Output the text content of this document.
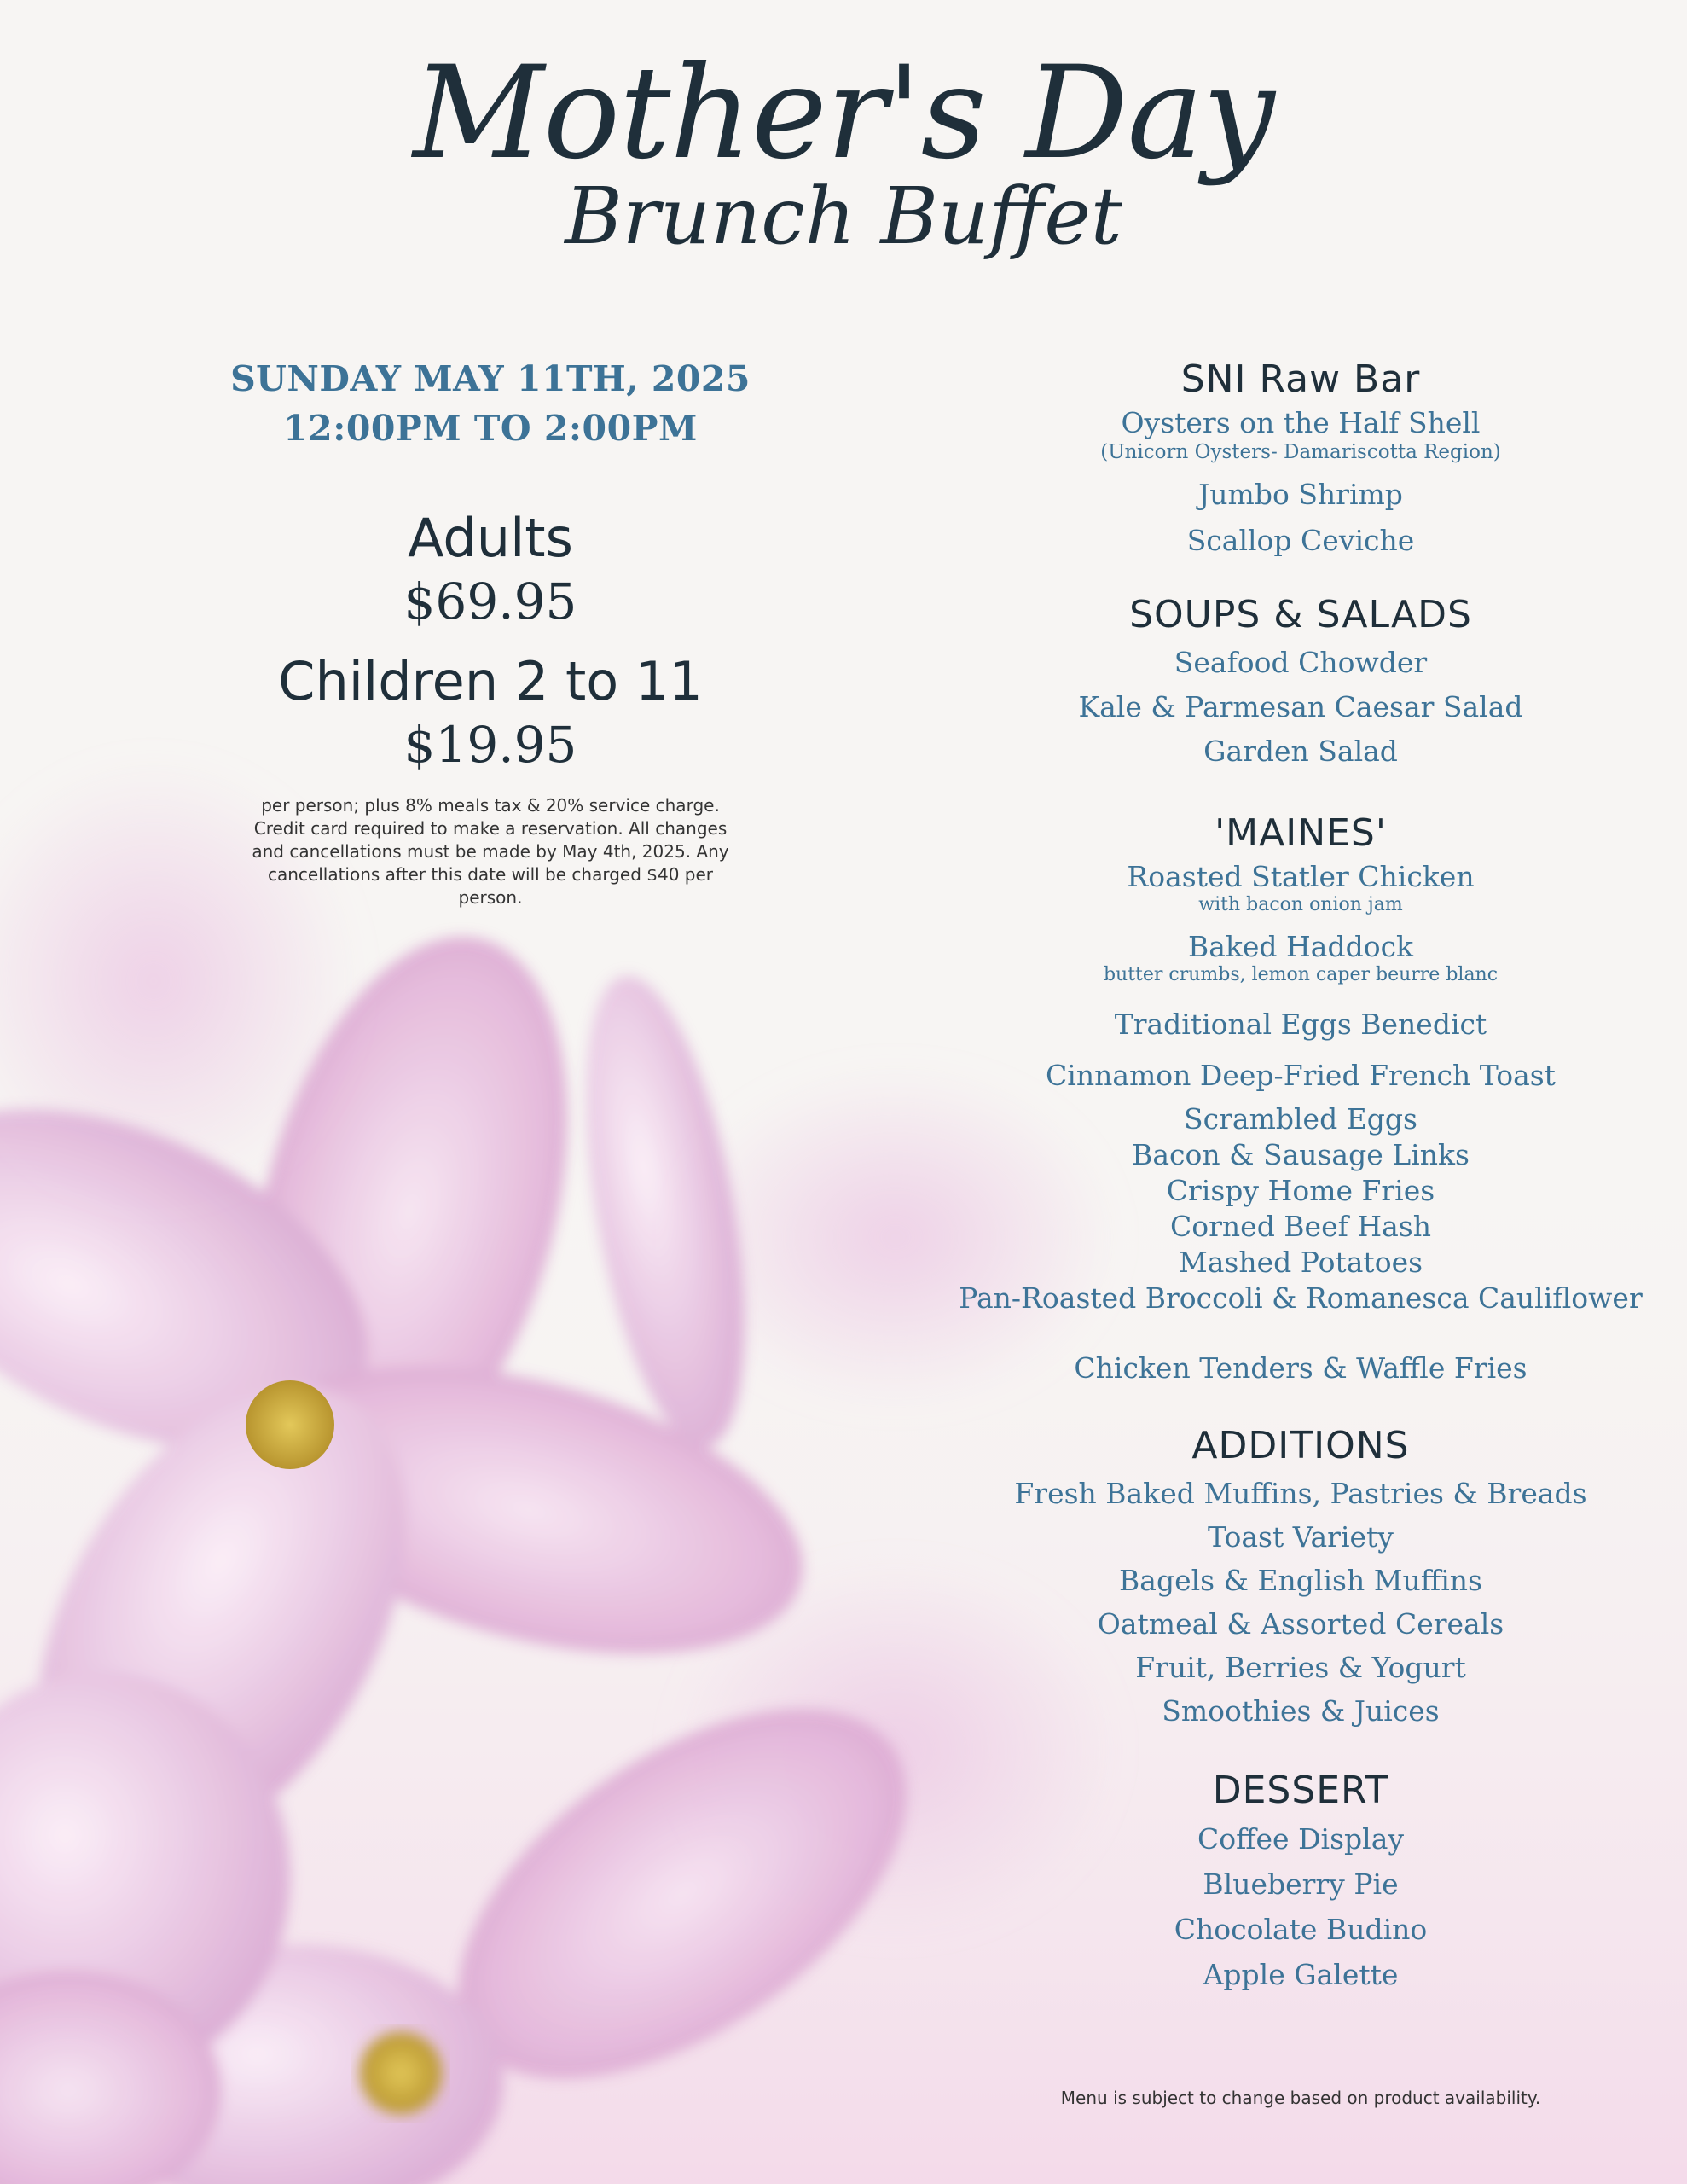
Mother's Day
Brunch Buffet
SUNDAY MAY 11TH, 2025
12:00PM TO 2:00PM
Adults
$69.95
Children 2 to 11
$19.95
per person; plus 8% meals tax & 20% service charge. Credit card required to make a reservation. All changes and cancellations must be made by May 4th, 2025. Any cancellations after this date will be charged $40 per person.
SNI Raw Bar
Oysters on the Half Shell
(Unicorn Oysters- Damariscotta Region)
Jumbo Shrimp
Scallop Ceviche
SOUPS & SALADS
Seafood Chowder
Kale & Parmesan Caesar Salad
Garden Salad
'MAINES'
Roasted Statler Chicken
with bacon onion jam
Baked Haddock
butter crumbs, lemon caper beurre blanc
Traditional Eggs Benedict
Cinnamon Deep-Fried French Toast
Scrambled Eggs
Bacon & Sausage Links
Crispy Home Fries
Corned Beef Hash
Mashed Potatoes
Pan-Roasted Broccoli & Romanesca Cauliflower
Chicken Tenders & Waffle Fries
ADDITIONS
Fresh Baked Muffins, Pastries & Breads
Toast Variety
Bagels & English Muffins
Oatmeal & Assorted Cereals
Fruit, Berries & Yogurt
Smoothies & Juices
DESSERT
Coffee Display
Blueberry Pie
Chocolate Budino
Apple Galette
Menu is subject to change based on product availability.
